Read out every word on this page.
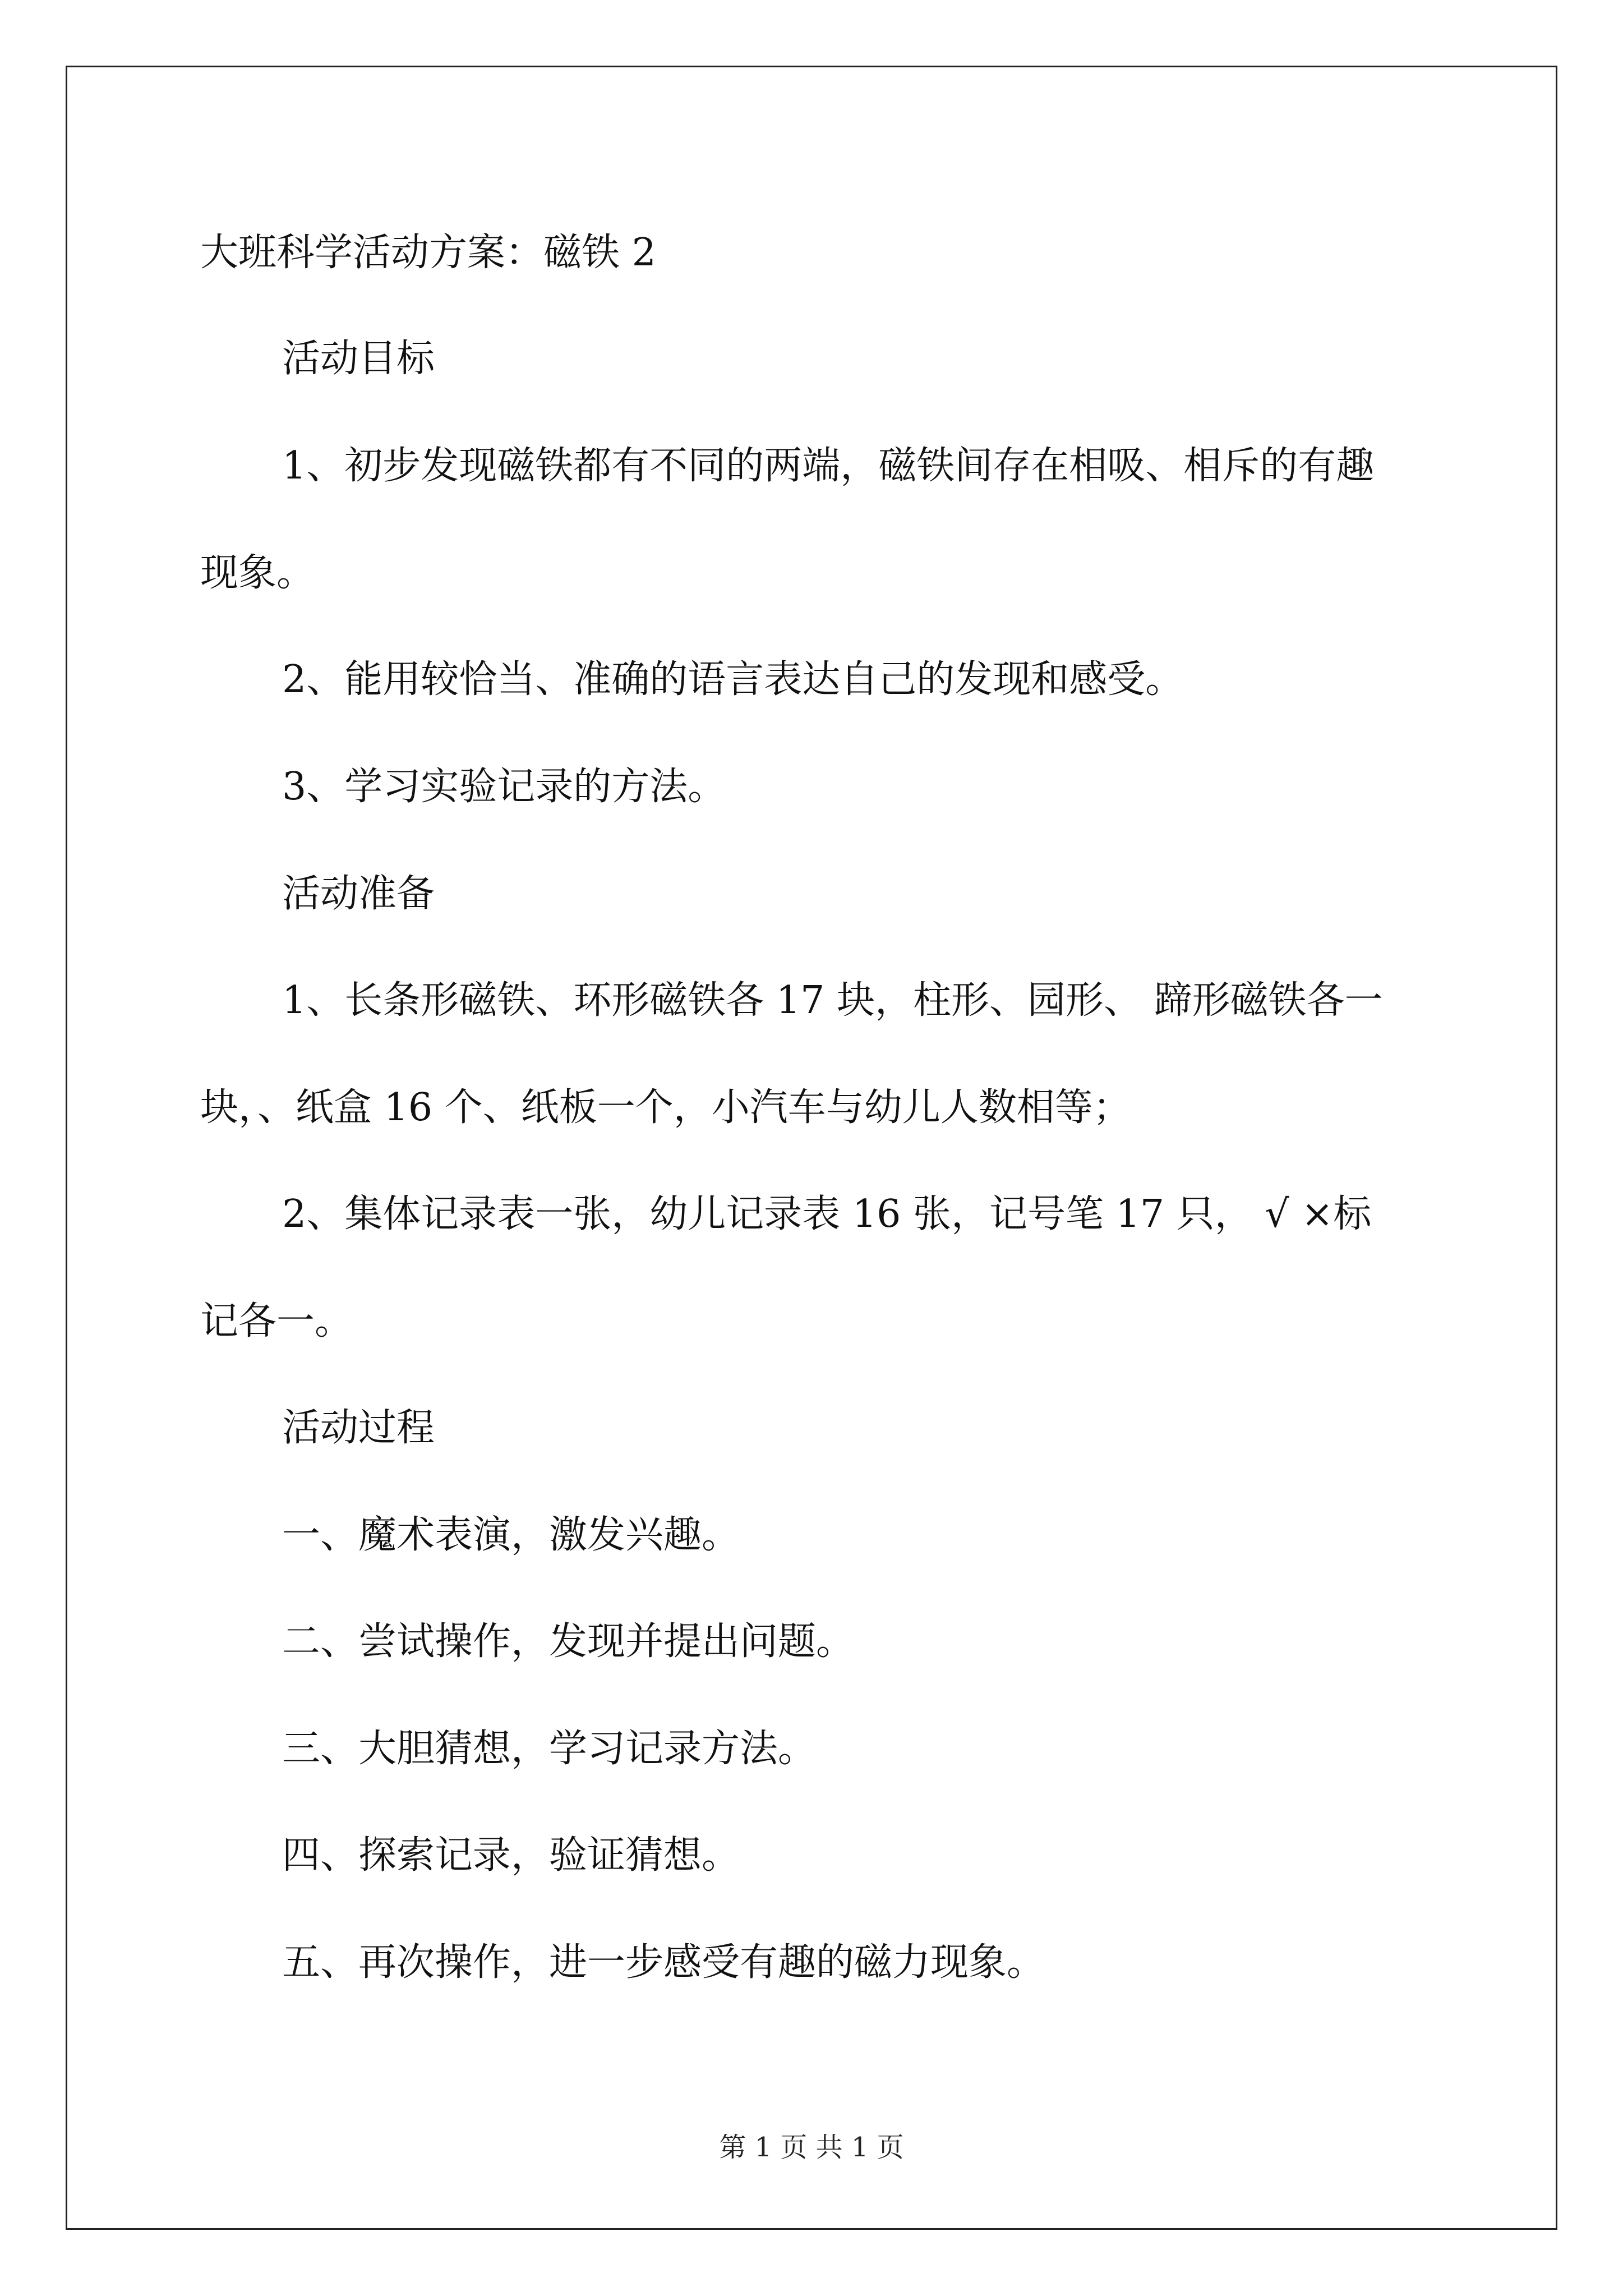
大班科学活动方案：磁铁 2
活动目标
1、初步发现磁铁都有不同的两端，磁铁间存在相吸、相斥的有趣
现象。
2、能用较恰当、准确的语言表达自己的发现和感受。
3、学习实验记录的方法。
活动准备
1、长条形磁铁、环形磁铁各 17 块，柱形、园形、 蹄形磁铁各一
块，、纸盒 16 个、纸板一个，小汽车与幼儿人数相等；
2、集体记录表一张，幼儿记录表 16 张，记号笔 17 只， √ ×标
记各一。
活动过程
一、魔术表演，激发兴趣。
二、尝试操作，发现并提出问题。
三、大胆猜想，学习记录方法。
四、探索记录，验证猜想。
五、再次操作，进一步感受有趣的磁力现象。
第 1 页 共 1 页
